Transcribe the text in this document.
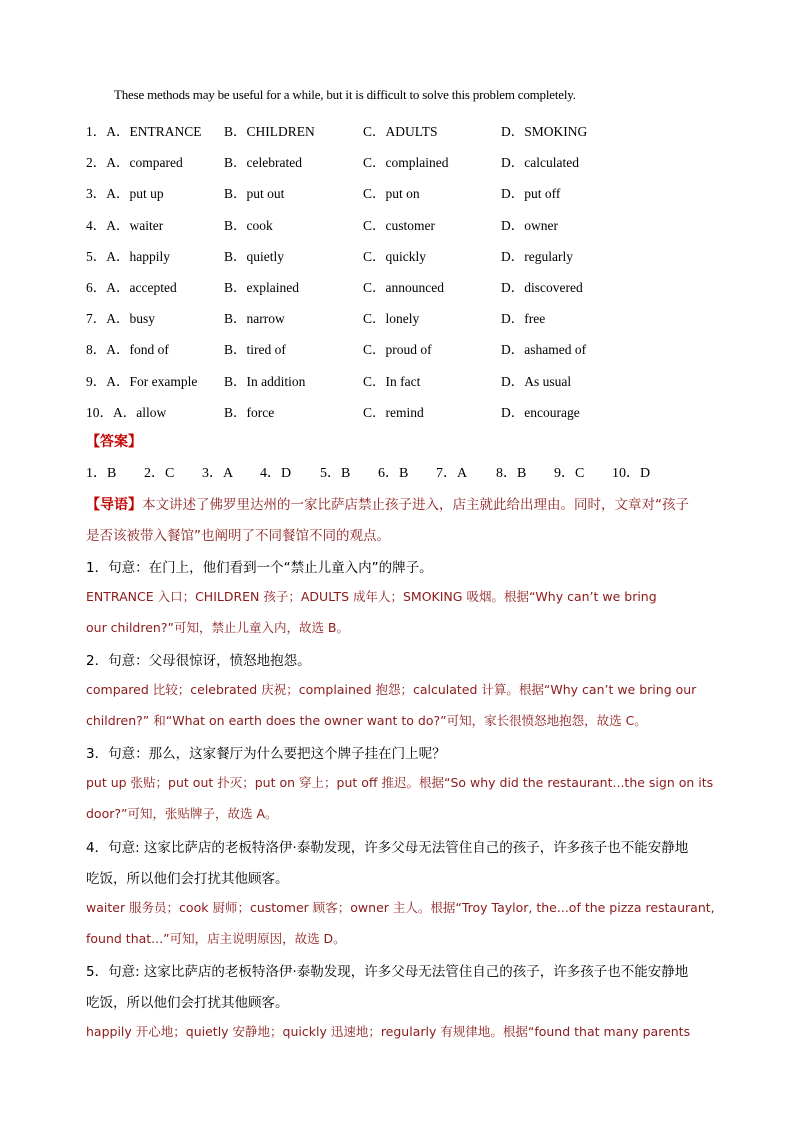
These methods may be useful for a while, but it is difficult to solve this problem completely.
1．A．ENTRANCE B．CHILDREN	C．ADULTS	D．SMOKING
2．A．compared	B．celebrated	C．complained	D．calculated
3．A．put up	B．put out	C．put on	D．put off
4．A．waiter	B．cook	C．customer	D．owner
5．A．happily	B．quietly	C．quickly	D．regularly
6．A．accepted	B．explained	C．announced	D．discovered
7．A．busy	B．narrow	C．lonely	D．free
8．A．fond of	B．tired of	C．proud of	D．ashamed of
9．A．For example B．In addition	C．In fact	D．As usual
10．A．allow	B．force	C．remind	D．encourage
【答案】
1．B 2．C 3．A 4．D 5．B 6．B 7．A 8．B 9．C 10．D
【导语】本文讲述了佛罗里达州的一家比萨店禁止孩子进入，店主就此给出理由。同时，文章对“孩子
是否该被带入餐馆”也阐明了不同餐馆不同的观点。
1．句意：在门上，他们看到一个“禁止儿童入内”的牌子。
ENTRANCE 入口；CHILDREN 孩子；ADULTS 成年人；SMOKING 吸烟。根据“Why can’t we bring
our children?”可知，禁止儿童入内，故选 B。
2．句意：父母很惊讶，愤怒地抱怨。
compared 比较；celebrated 庆祝；complained 抱怨；calculated 计算。根据“Why can’t we bring our
children?” 和“What on earth does the owner want to do?”可知，家长很愤怒地抱怨，故选 C。
3．句意：那么，这家餐厅为什么要把这个牌子挂在门上呢？
put up 张贴；put out 扑灭；put on 穿上；put off 推迟。根据“So why did the restaurant...the sign on its
door?”可知，张贴牌子，故选 A。
4．句意: 这家比萨店的老板特洛伊·泰勒发现，许多父母无法管住自己的孩子，许多孩子也不能安静地
吃饭，所以他们会打扰其他顾客。
waiter 服务员；cook 厨师；customer 顾客；owner 主人。根据“Troy Taylor, the...of the pizza restaurant,
found that...”可知，店主说明原因，故选 D。
5．句意: 这家比萨店的老板特洛伊·泰勒发现，许多父母无法管住自己的孩子，许多孩子也不能安静地
吃饭，所以他们会打扰其他顾客。
happily 开心地；quietly 安静地；quickly 迅速地；regularly 有规律地。根据“found that many parents
